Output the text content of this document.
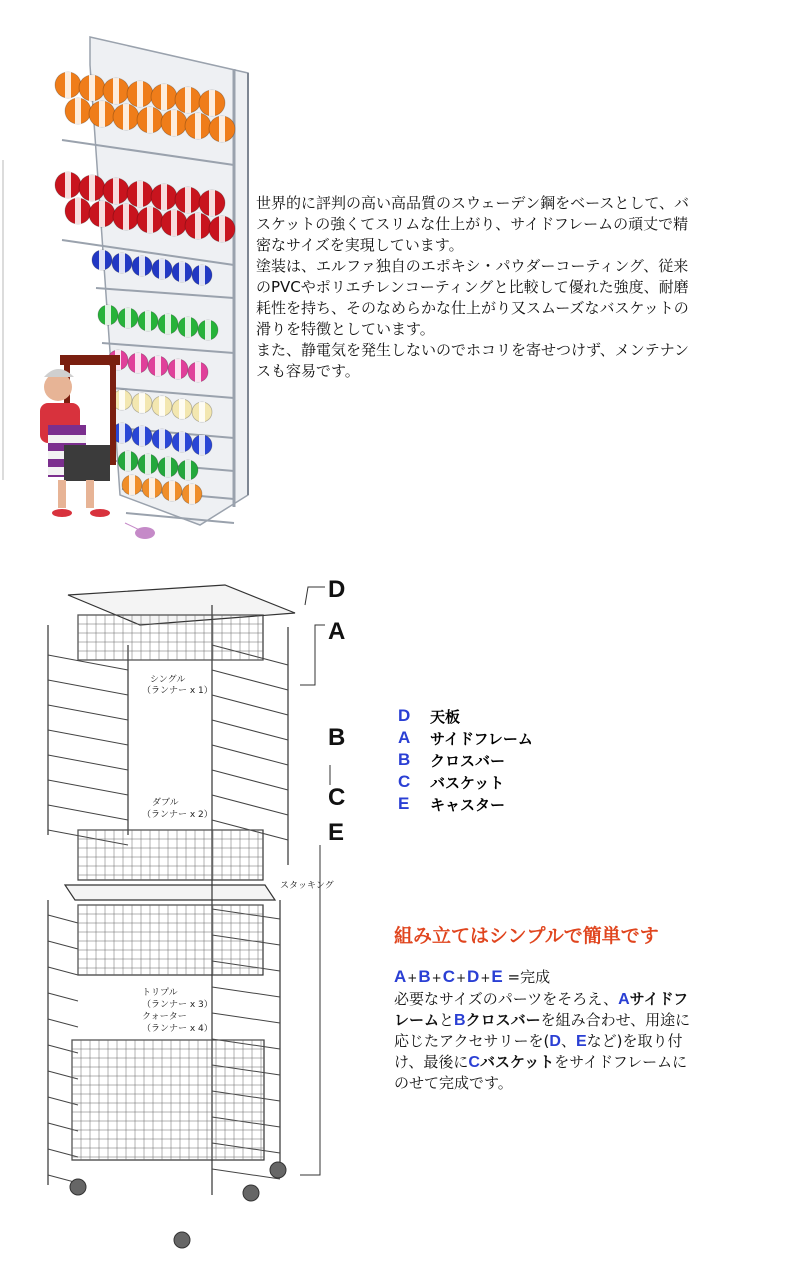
世界的に評判の高い高品質のスウェーデン鋼をベースとして、バスケットの強くてスリムな仕上がり、サイドフレームの頑丈で精密なサイズを実現しています。

塗装は、エルファ独自のエポキシ・パウダーコーティング、従来のPVCやポリエチレンコーティングと比較して優れた強度、耐磨耗性を持ち、そのなめらかな仕上がり又スムーズなバスケットの滑りを特徴としています。

また、静電気を発生しないのでホコリを寄せつけず、メンテナンスも容易です。

D
A
B
C
E
シングル
（ランナー x 1）
ダブル
（ランナー x 2）
スタッキング
トリプル
（ランナー x 3）
クォーター
（ランナー x 4）
D	天板
A	サイドフレーム
B	クロスバー
C	バスケット
E	キャスター
組み立てはシンプルで簡単です
A+B+C+D+E =完成

必要なサイズのパーツをそろえ、AサイドフレームとBクロスバーを組み合わせ、用途に応じたアクセサリーを(D、Eなど)を取り付け、最後にCバスケットをサイドフレームにのせて完成です。
